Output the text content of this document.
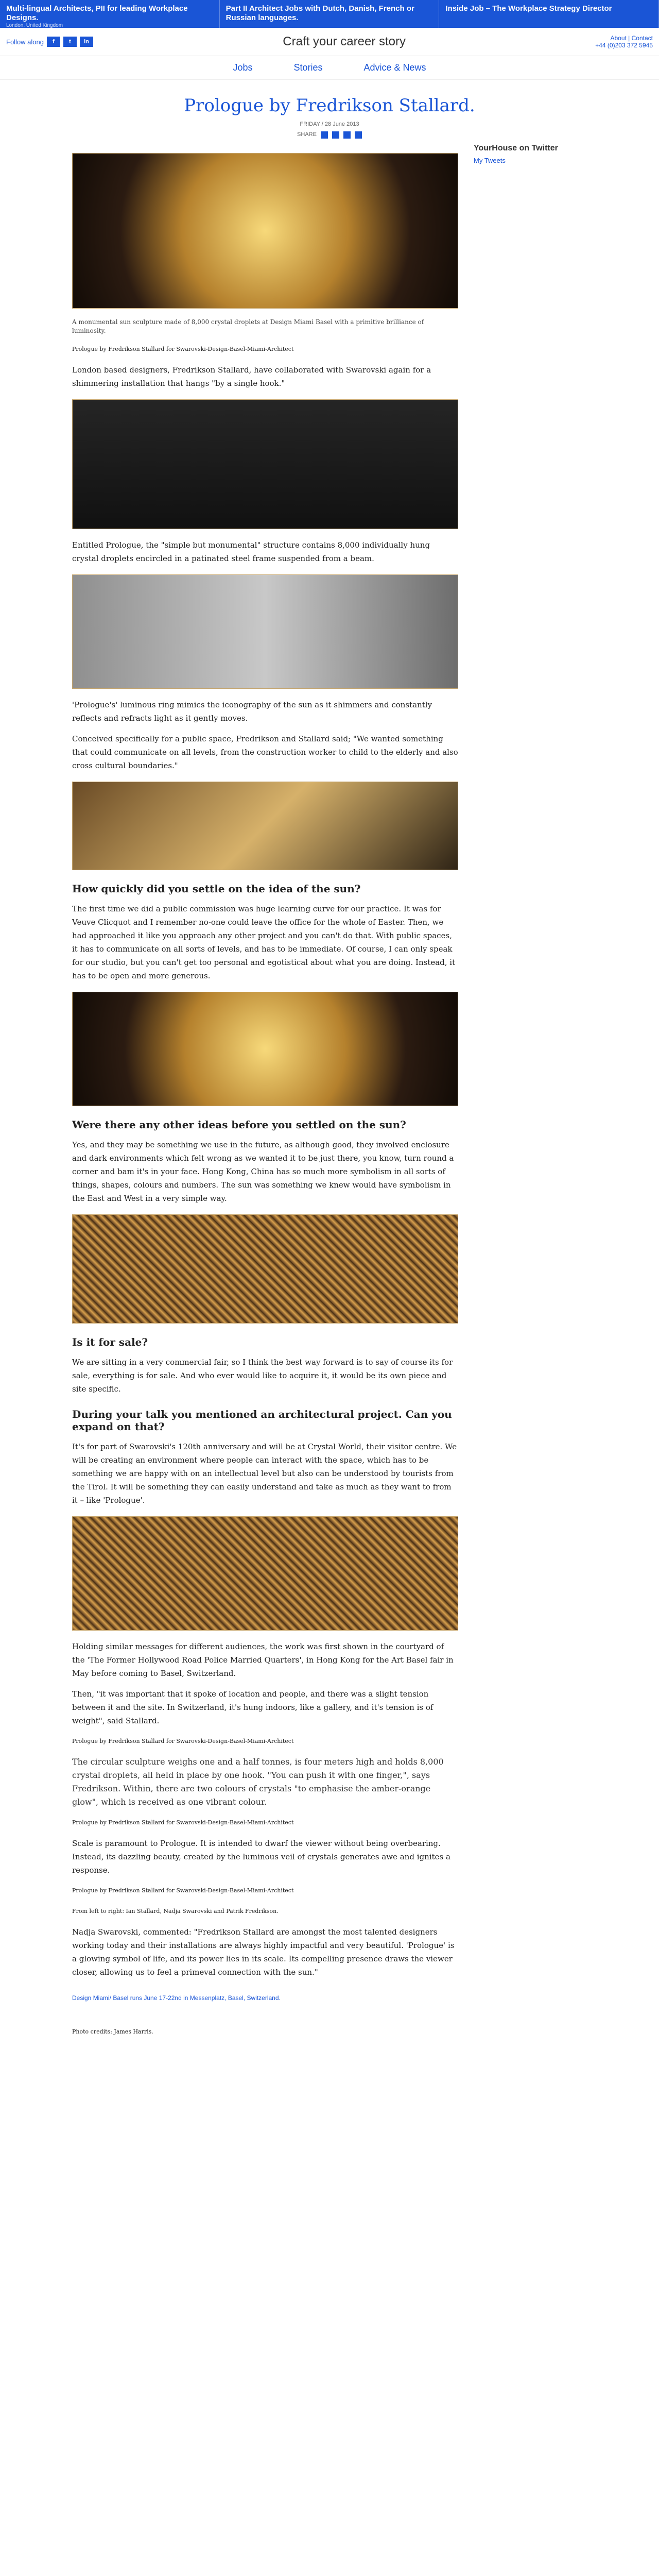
Multi-lingual Architects, PII for leading Workplace Designs.
London, United Kingdom
Part II Architect Jobs with Dutch, Danish, French or Russian languages.
Inside Job – The Workplace Strategy Director
Follow along	f	t	in	Craft your career story	About | Contact
+44 (0)203 372 5945
Jobs	Stories	Advice & News
Prologue by Fredrikson Stallard.
FRIDAY / 28 June 2013
SHARE
A monumental sun sculpture made of 8,000 crystal droplets at Design Miami Basel with a primitive brilliance of luminosity.

Prologue by Fredrikson Stallard for Swarovski-Design-Basel-Miami-Architect

London based designers, Fredrikson Stallard, have collaborated with Swarovski again for a shimmering installation that hangs "by a single hook."

Entitled Prologue, the "simple but monumental" structure contains 8,000 individually hung crystal droplets encircled in a patinated steel frame suspended from a beam.

'Prologue's' luminous ring mimics the iconography of the sun as it shimmers and constantly reflects and refracts light as it gently moves.

Conceived specifically for a public space, Fredrikson and Stallard said; "We wanted something that could communicate on all levels, from the construction worker to child to the elderly and also cross cultural boundaries."

How quickly did you settle on the idea of the sun?

The first time we did a public commission was huge learning curve for our practice. It was for Veuve Clicquot and I remember no-one could leave the office for the whole of Easter. Then, we had approached it like you approach any other project and you can't do that. With public spaces, it has to communicate on all sorts of levels, and has to be immediate. Of course, I can only speak for our studio, but you can't get too personal and egotistical about what you are doing. Instead, it has to be open and more generous.

Were there any other ideas before you settled on the sun?

Yes, and they may be something we use in the future, as although good, they involved enclosure and dark environments which felt wrong as we wanted it to be just there, you know, turn round a corner and bam it's in your face. Hong Kong, China has so much more symbolism in all sorts of things, shapes, colours and numbers. The sun was something we knew would have symbolism in the East and West in a very simple way.

Is it for sale?

We are sitting in a very commercial fair, so I think the best way forward is to say of course its for sale, everything is for sale. And who ever would like to acquire it, it would be its own piece and site specific.

During your talk you mentioned an architectural project. Can you expand on that?

It's for part of Swarovski's 120th anniversary and will be at Crystal World, their visitor centre. We will be creating an environment where people can interact with the space, which has to be something we are happy with on an intellectual level but also can be understood by tourists from the Tirol. It will be something they can easily understand and take as much as they want to from it – like 'Prologue'.

Holding similar messages for different audiences, the work was first shown in the courtyard of the 'The Former Hollywood Road Police Married Quarters', in Hong Kong for the Art Basel fair in May before coming to Basel, Switzerland.

Then, "it was important that it spoke of location and people, and there was a slight tension between it and the site. In Switzerland, it's hung indoors, like a gallery, and it's tension is of weight", said Stallard.

Prologue by Fredrikson Stallard for Swarovski-Design-Basel-Miami-Architect

The circular sculpture weighs one and a half tonnes, is four meters high and holds 8,000 crystal droplets, all held in place by one hook. "You can push it with one finger,", says Fredrikson. Within, there are two colours of crystals "to emphasise the amber-orange glow", which is received as one vibrant colour.

Prologue by Fredrikson Stallard for Swarovski-Design-Basel-Miami-Architect

Scale is paramount to Prologue. It is intended to dwarf the viewer without being overbearing. Instead, its dazzling beauty, created by the luminous veil of crystals generates awe and ignites a response.

Prologue by Fredrikson Stallard for Swarovski-Design-Basel-Miami-Architect

From left to right: Ian Stallard, Nadja Swarovski and Patrik Fredrikson.

Nadja Swarovski, commented: "Fredrikson Stallard are amongst the most talented designers working today and their installations are always highly impactful and very beautiful. 'Prologue' is a glowing symbol of life, and its power lies in its scale. Its compelling presence draws the viewer closer, allowing us to feel a primeval connection with the sun."

Design Miami/ Basel runs June 17-22nd in Messenplatz, Basel, Switzerland.

Photo credits: James Harris.

YourHouse on Twitter
My Tweets
